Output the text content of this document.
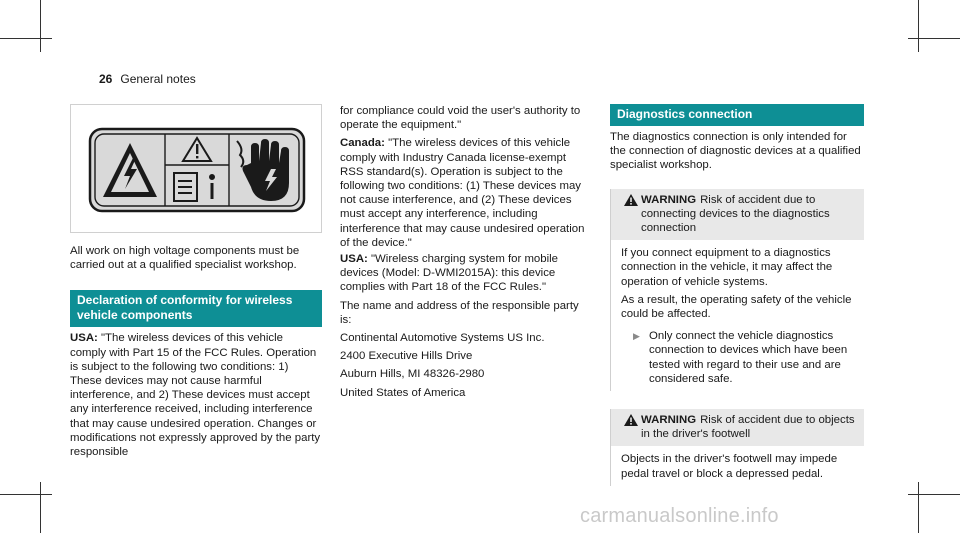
26 General notes

All work on high voltage components must be carried out at a qualified specialist workshop.

Declaration of conformity for wireless vehicle components

USA: "The wireless devices of this vehicle comply with Part 15 of the FCC Rules. Operation is subject to the following two conditions: 1) These devices may not cause harmful interference, and 2) These devices must accept any interference received, including interference that may cause undesired operation. Changes or modifications not expressly approved by the party responsible

for compliance could void the user's authority to operate the equipment."

Canada: "The wireless devices of this vehicle comply with Industry Canada license-exempt RSS standard(s). Operation is subject to the following two conditions: (1) These devices may not cause interference, and (2) These devices must accept any interference, including interference that may cause undesired operation of the device."

USA: "Wireless charging system for mobile devices (Model: D-WMI2015A): this device complies with Part 18 of the FCC Rules."

The name and address of the responsible party is:

Continental Automotive Systems US Inc.

2400 Executive Hills Drive

Auburn Hills, MI 48326-2980

United States of America

Diagnostics connection

The diagnostics connection is only intended for the connection of diagnostic devices at a qualified specialist workshop.

WARNING Risk of accident due to connecting devices to the diagnostics connection

If you connect equipment to a diagnostics connection in the vehicle, it may affect the operation of vehicle systems.

As a result, the operating safety of the vehicle could be affected.

▶ Only connect the vehicle diagnostics connection to devices which have been tested with regard to their use and are considered safe.
WARNING Risk of accident due to objects in the driver's footwell

Objects in the driver's footwell may impede pedal travel or block a depressed pedal.

carmanualsonline.info
